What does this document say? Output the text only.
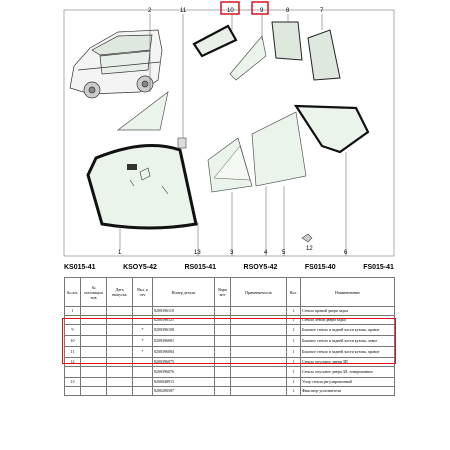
1
2	11	10	9	8	7
6
4
13	3	5
12
KS015-41	KSOY5-42	RS015-41	RSOY5-42	FS015-40	FS015-41
№ поз.	№ попозиции нов	Дата выпуска	Вкл. к отч	Номер детали	Вари ант	Применяемость	Кол.	Наименование
1				8200396118			1	Стекло правой двери задка
				8200396121			1	Стекло левой двери задка
9			*	8200396108			1	Боковое стекло в задней части кузова, правое
10			*	8200396081			1	Боковое стекло в задней части кузова, левое
11			*	8200396084			1	Боковое стекло в задней части кузова, правое
12				8200396075			1	Стекло опускное двери ЗП
				8200396076			1	Стекло опускное двери ЗЛ, тонированное
13				8200048913			1	Упор стекла регулировочный
				8200200587			1	Фиксатор уплотнителя
